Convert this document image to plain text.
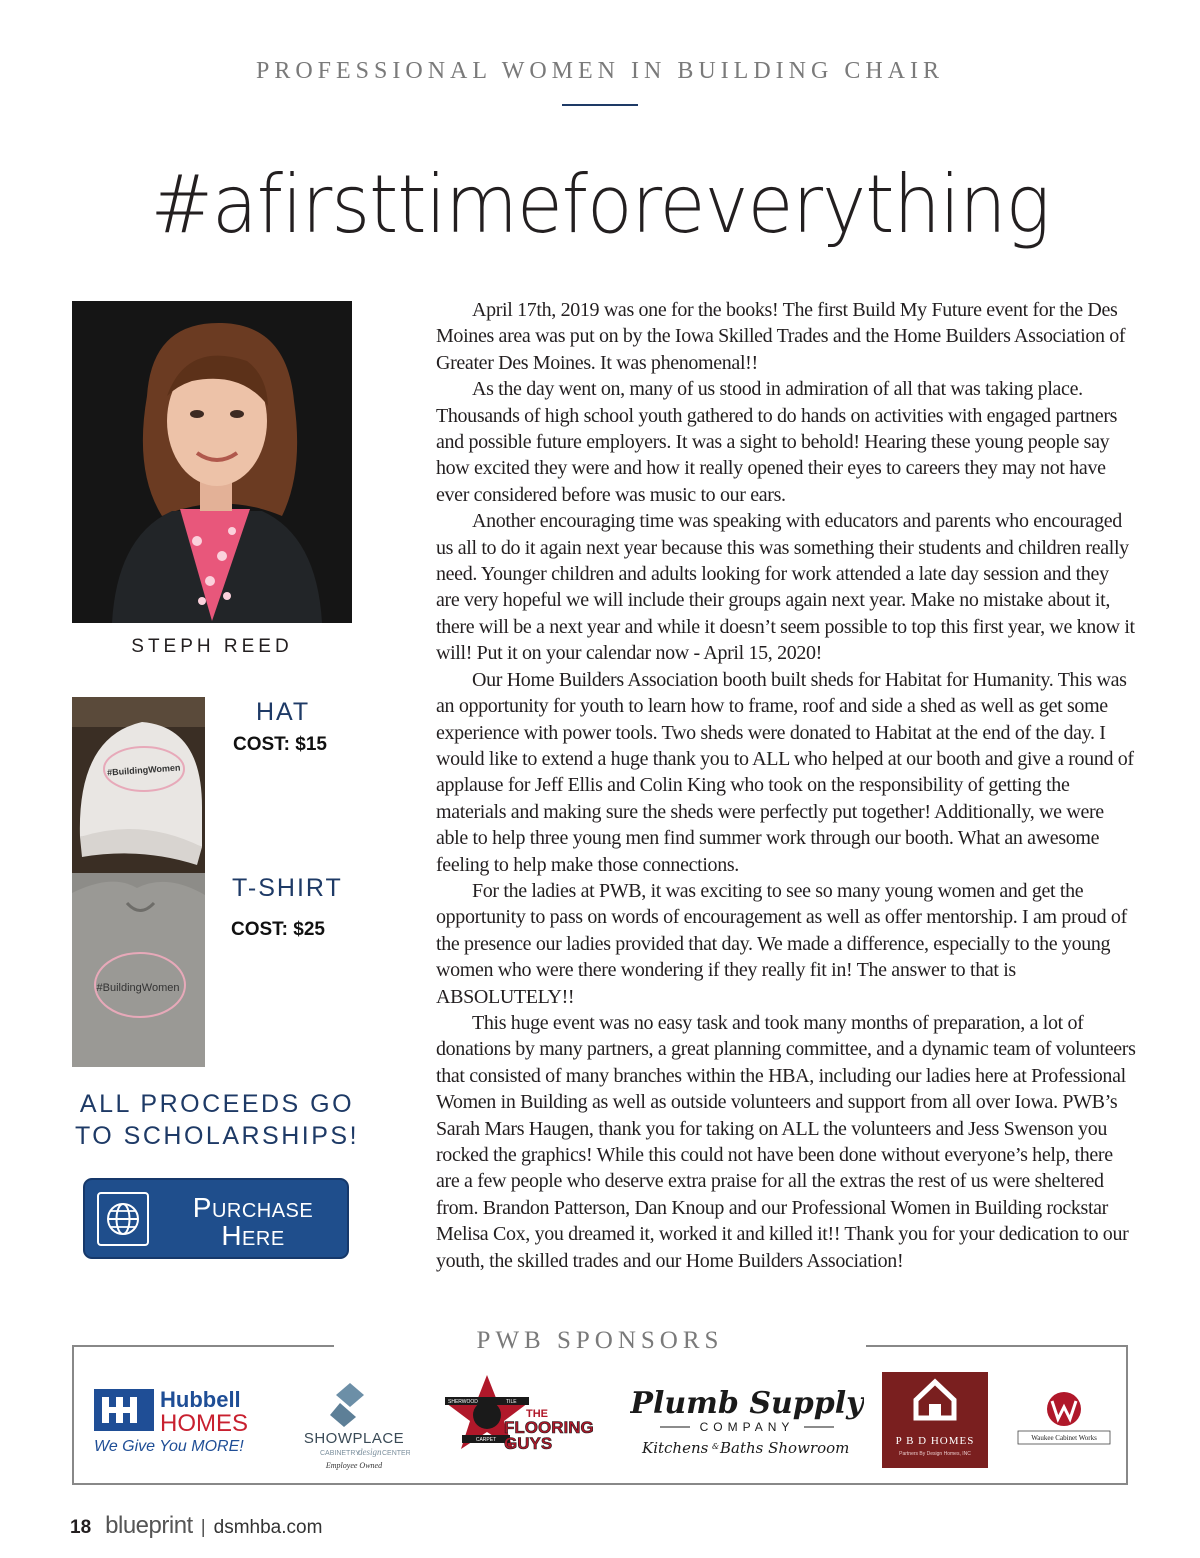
PROFESSIONAL WOMEN IN BUILDING CHAIR
#afirsttimeforeverything
STEPH REED
#BuildingWomen
#BuildingWomen
HAT
COST: $15
T-SHIRT
COST: $25
ALL PROCEEDS GO
TO SCHOLARSHIPS!
Purchase
Here

April 17th, 2019 was one for the books! The first Build My Future event for the Des Moines area was put on by the Iowa Skilled Trades and the Home Builders Association of Greater Des Moines. It was phenomenal!!

As the day went on, many of us stood in admiration of all that was taking place. Thousands of high school youth gathered to do hands on activities with engaged partners and possible future employers. It was a sight to behold! Hearing these young people say how excited they were and how it really opened their eyes to careers they may not have ever considered before was music to our ears.

Another encouraging time was speaking with educators and parents who encouraged us all to do it again next year because this was something their students and children really need. Younger children and adults looking for work attended a late day session and they are very hopeful we will include their groups again next year. Make no mistake about it, there will be a next year and while it doesn’t seem possible to top this first year, we know it will! Put it on your calendar now - April 15, 2020!

Our Home Builders Association booth built sheds for Habitat for Humanity. This was an opportunity for youth to learn how to frame, roof and side a shed as well as get some experience with power tools. Two sheds were donated to Habitat at the end of the day. I would like to extend a huge thank you to ALL who helped at our booth and give a round of applause for Jeff Ellis and Colin King who took on the responsibility of getting the materials and making sure the sheds were perfectly put together! Additionally, we were able to help three young men find summer work through our booth. What an awesome feeling to help make those connections.

For the ladies at PWB, it was exciting to see so many young women and get the opportunity to pass on words of encouragement as well as offer mentorship. I am proud of the presence our ladies provided that day. We made a difference, especially to the young women who were there wondering if they really fit in! The answer to that is ABSOLUTELY!!

This huge event was no easy task and took many months of preparation, a lot of donations by many partners, a great planning committee, and a dynamic team of volunteers that consisted of many branches within the HBA, including our ladies here at Professional Women in Building as well as outside volunteers and support from all over Iowa. PWB’s Sarah Mars Haugen, thank you for taking on ALL the volunteers and Jess Swenson you rocked the graphics! While this could not have been done without everyone’s help, there are a few people who deserve extra praise for all the extras the rest of us were sheltered from. Brandon Patterson, Dan Knoup and our Professional Women in Building rockstar Melisa Cox, you dreamed it, worked it and killed it!! Thank you for your dedication to our youth, the skilled trades and our Home Builders Association!

PWB SPONSORS
Hubbell
HOMES
We Give You MORE!	SHOWPLACE
CABINETRY
design CENTER
Employee Owned
SHERWOOD	TILE
CARPET
THE
FLOORING
GUYS
Plumb Supply
COMPANY
Kitchens & Baths Showroom	P B D HOMES
Partners By Design Homes, INC
Waukee Cabinet Works
18 blueprint | dsmhba.com
